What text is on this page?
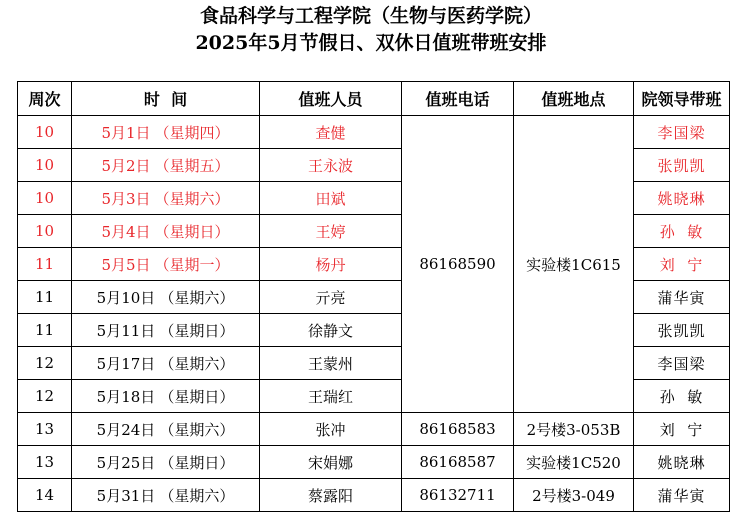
食品科学与工程学院（生物与医药学院）
2025年5月节假日、双休日值班带班安排
周次	时  间	值班人员	值班电话	值班地点	院领导带班
10	5月1日 （星期四）	查健	86168590	实验楼1C615	李国梁
10	5月2日 （星期五）	王永波			张凯凯
10	5月3日 （星期六）	田斌			姚晓琳
10	5月4日 （星期日）	王婷			孙  敏
11	5月5日 （星期一）	杨丹			刘  宁
11	5月10日 （星期六）	亓亮			蒲华寅
11	5月11日 （星期日）	徐静文			张凯凯
12	5月17日 （星期六）	王蒙州			李国梁
12	5月18日 （星期日）	王瑞红			孙  敏
13	5月24日 （星期六）	张冲	86168583	2号楼3-053B	刘  宁
13	5月25日 （星期日）	宋娟娜	86168587	实验楼1C520	姚晓琳
14	5月31日 （星期六）	蔡露阳	86132711	2号楼3-049	蒲华寅
